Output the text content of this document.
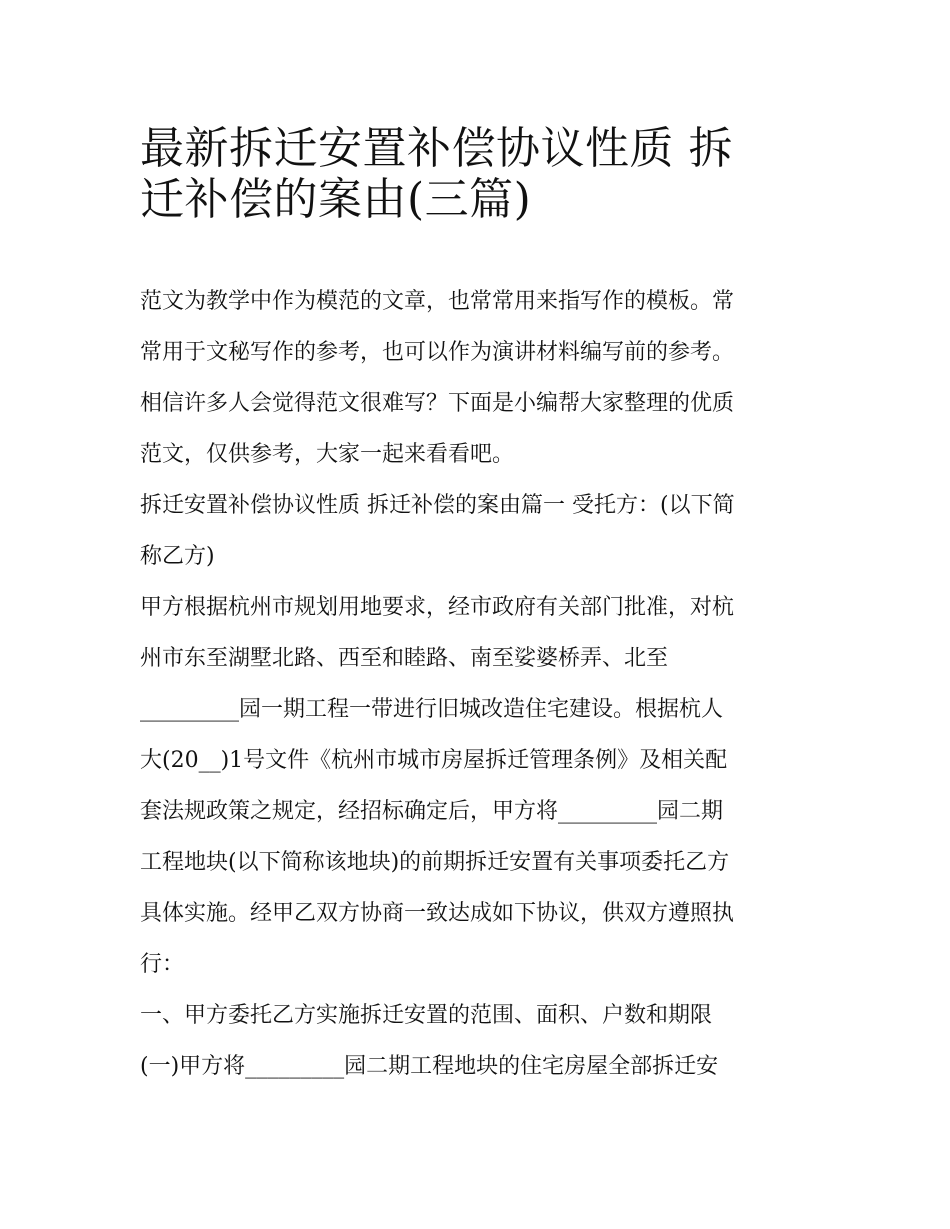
最新拆迁安置补偿协议性质 拆
迁补偿的案由(三篇)

范文为教学中作为模范的文章，也常常用来指写作的模板。常
常用于文秘写作的参考，也可以作为演讲材料编写前的参考。
相信许多人会觉得范文很难写？下面是小编帮大家整理的优质
范文，仅供参考，大家一起来看看吧。

拆迁安置补偿协议性质 拆迁补偿的案由篇一 受托方：(以下简
称乙方)

甲方根据杭州市规划用地要求，经市政府有关部门批准，对杭
州市东至湖墅北路、西至和睦路、南至娑婆桥弄、北至
_________园一期工程一带进行旧城改造住宅建设。根据杭人
大(20__)1号文件《杭州市城市房屋拆迁管理条例》及相关配
套法规政策之规定，经招标确定后，甲方将_________园二期
工程地块(以下简称该地块)的前期拆迁安置有关事项委托乙方
具体实施。经甲乙双方协商一致达成如下协议，供双方遵照执
行：

一、甲方委托乙方实施拆迁安置的范围、面积、户数和期限

(一)甲方将_________园二期工程地块的住宅房屋全部拆迁安
